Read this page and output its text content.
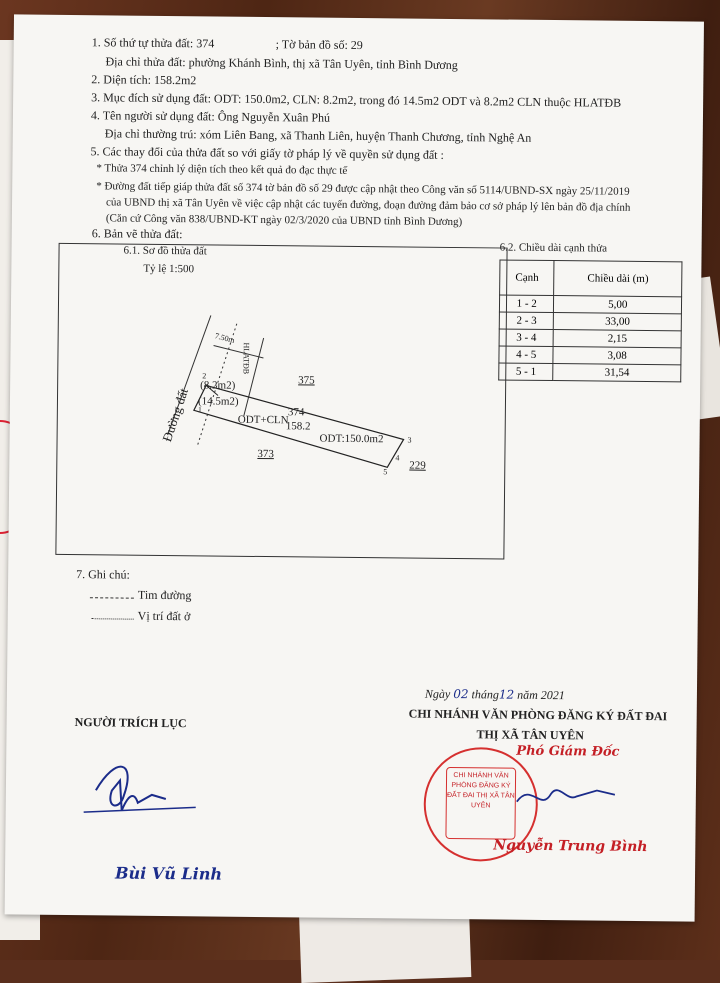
1. Số thứ tự thửa đất: 374	; Tờ bản đồ số: 29
Địa chỉ thửa đất: phường Khánh Bình, thị xã Tân Uyên, tỉnh Bình Dương
2. Diện tích: 158.2m2
3. Mục đích sử dụng đất: ODT: 150.0m2, CLN: 8.2m2, trong đó 14.5m2 ODT và 8.2m2 CLN thuộc HLATĐB
4. Tên người sử dụng đất: Ông Nguyễn Xuân Phú
Địa chỉ thường trú: xóm Liên Bang, xã Thanh Liên, huyện Thanh Chương, tỉnh Nghệ An
5. Các thay đổi của thửa đất so với giấy tờ pháp lý về quyền sử dụng đất :
* Thửa 374 chỉnh lý diện tích theo kết quả đo đạc thực tế
* Đường đất tiếp giáp thửa đất số 374 tờ bản đồ số 29 được cập nhật theo Công văn số 5114/UBND-SX ngày 25/11/2019
của UBND thị xã Tân Uyên về việc cập nhật các tuyến đường, đoạn đường đảm bảo cơ sở pháp lý lên bản đồ địa chính
(Căn cứ Công văn 838/UBND-KT ngày 02/3/2020 của UBND tỉnh Bình Dương)
6. Bản vẽ thửa đất:
6.1. Sơ đồ thửa đất
Tỷ lệ 1:500
Đường đất
7.50m
HLATĐB
(8.2m2)
(14.5m2)
ODT+CLN
374
158.2
ODT:150.0m2
375
373
229
1
2
3
4
5
6.2. Chiều dài cạnh thửa
Cạnh	Chiều dài (m)
1 - 2	5,00
2 - 3	33,00
3 - 4	2,15
4 - 5	3,08
5 - 1	31,54
7. Ghi chú:
Tim đường
Vị trí đất ở
Ngày 02 tháng12 năm 2021
CHI NHÁNH VĂN PHÒNG ĐĂNG KÝ ĐẤT ĐAI
THỊ XÃ TÂN UYÊN
Phó Giám Đốc
NGƯỜI TRÍCH LỤC
Bùi Vũ Linh
CHI NHÁNH VĂN PHÒNG ĐĂNG KÝ ĐẤT ĐAI THỊ XÃ TÂN UYÊN
Nguyễn Trung Bình
